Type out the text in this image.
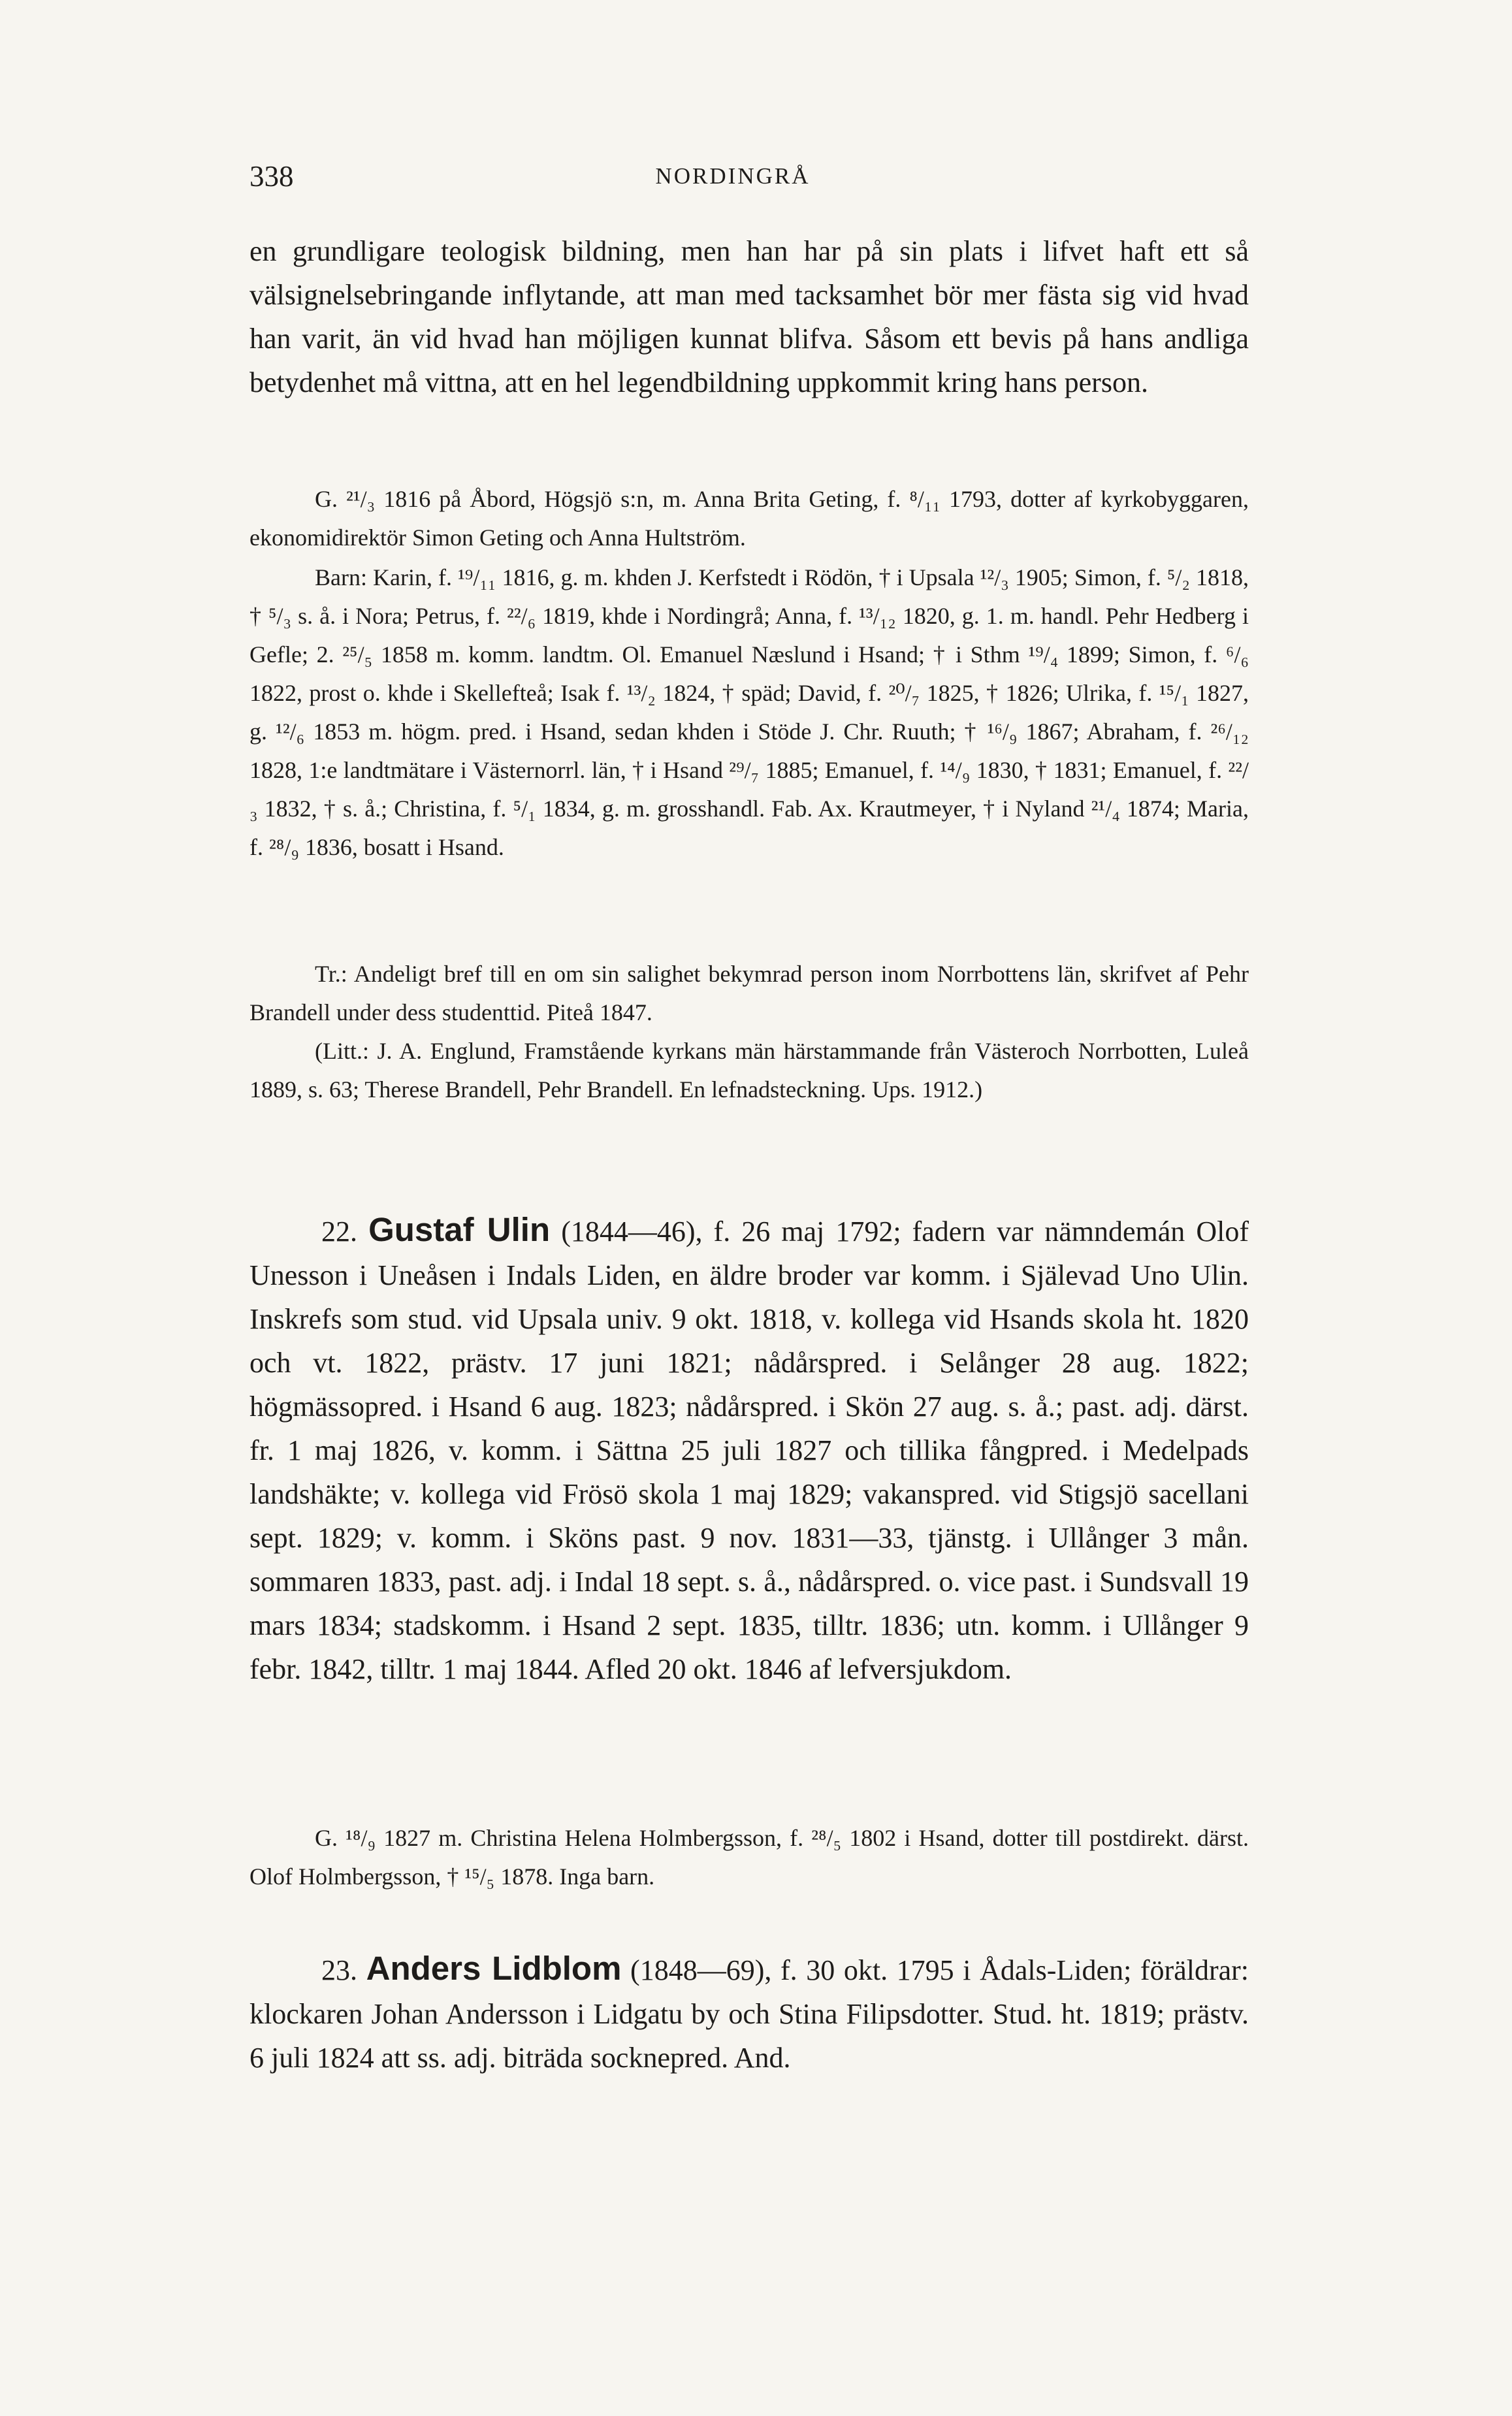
338	NORDINGRÅ

en grundligare teologisk bildning, men han har på sin plats i lifvet haft ett så välsignelsebringande inflytande, att man med tacksamhet bör mer fästa sig vid hvad han varit, än vid hvad han möjligen kunnat blifva. Såsom ett bevis på hans andliga betydenhet må vittna, att en hel legendbildning uppkommit kring hans person.

G. ²¹/₃ 1816 på Åbord, Högsjö s:n, m. Anna Brita Geting, f. ⁸/₁₁ 1793, dotter af kyrkobyggaren, ekonomidirektör Simon Geting och Anna Hultström.

Barn: Karin, f. ¹⁹/₁₁ 1816, g. m. khden J. Kerfstedt i Rödön, † i Upsala ¹²/₃ 1905; Simon, f. ⁵/₂ 1818, † ⁵/₃ s. å. i Nora; Petrus, f. ²²/₆ 1819, khde i Nordingrå; Anna, f. ¹³/₁₂ 1820, g. 1. m. handl. Pehr Hedberg i Gefle; 2. ²⁵/₅ 1858 m. komm. landtm. Ol. Emanuel Næslund i Hsand; † i Sthm ¹⁹/₄ 1899; Simon, f. ⁶/₆ 1822, prost o. khde i Skellefteå; Isak f. ¹³/₂ 1824, † späd; David, f. ²⁰/₇ 1825, † 1826; Ulrika, f. ¹⁵/₁ 1827, g. ¹²/₆ 1853 m. högm. pred. i Hsand, sedan khden i Stöde J. Chr. Ruuth; † ¹⁶/₉ 1867; Abraham, f. ²⁶/₁₂ 1828, 1:e landtmätare i Västernorrl. län, † i Hsand ²⁹/₇ 1885; Emanuel, f. ¹⁴/₉ 1830, † 1831; Emanuel, f. ²²/₃ 1832, † s. å.; Christina, f. ⁵/₁ 1834, g. m. grosshandl. Fab. Ax. Krautmeyer, † i Nyland ²¹/₄ 1874; Maria, f. ²⁸/₉ 1836, bosatt i Hsand.

Tr.: Andeligt bref till en om sin salighet bekymrad person inom Norrbottens län, skrifvet af Pehr Brandell under dess studenttid. Piteå 1847.

(Litt.: J. A. Englund, Framstående kyrkans män härstammande från Västeroch Norrbotten, Luleå 1889, s. 63; Therese Brandell, Pehr Brandell. En lefnadsteckning. Ups. 1912.)

22. Gustaf Ulin (1844—46), f. 26 maj 1792; fadern var nämndemán Olof Unesson i Uneåsen i Indals Liden, en äldre broder var komm. i Själevad Uno Ulin. Inskrefs som stud. vid Upsala univ. 9 okt. 1818, v. kollega vid Hsands skola ht. 1820 och vt. 1822, prästv. 17 juni 1821; nådårspred. i Selånger 28 aug. 1822; högmässopred. i Hsand 6 aug. 1823; nådårspred. i Skön 27 aug. s. å.; past. adj. därst. fr. 1 maj 1826, v. komm. i Sättna 25 juli 1827 och tillika fångpred. i Medelpads landshäkte; v. kollega vid Frösö skola 1 maj 1829; vakanspred. vid Stigsjö sacellani sept. 1829; v. komm. i Sköns past. 9 nov. 1831—33, tjänstg. i Ullånger 3 mån. sommaren 1833, past. adj. i Indal 18 sept. s. å., nådårspred. o. vice past. i Sundsvall 19 mars 1834; stadskomm. i Hsand 2 sept. 1835, tilltr. 1836; utn. komm. i Ullånger 9 febr. 1842, tilltr. 1 maj 1844. Afled 20 okt. 1846 af lefversjukdom.

G. ¹⁸/₉ 1827 m. Christina Helena Holmbergsson, f. ²⁸/₅ 1802 i Hsand, dotter till postdirekt. därst. Olof Holmbergsson, † ¹⁵/₅ 1878. Inga barn.

23. Anders Lidblom (1848—69), f. 30 okt. 1795 i Ådals-Liden; föräldrar: klockaren Johan Andersson i Lidgatu by och Stina Filipsdotter. Stud. ht. 1819; prästv. 6 juli 1824 att ss. adj. biträda socknepred. And.
